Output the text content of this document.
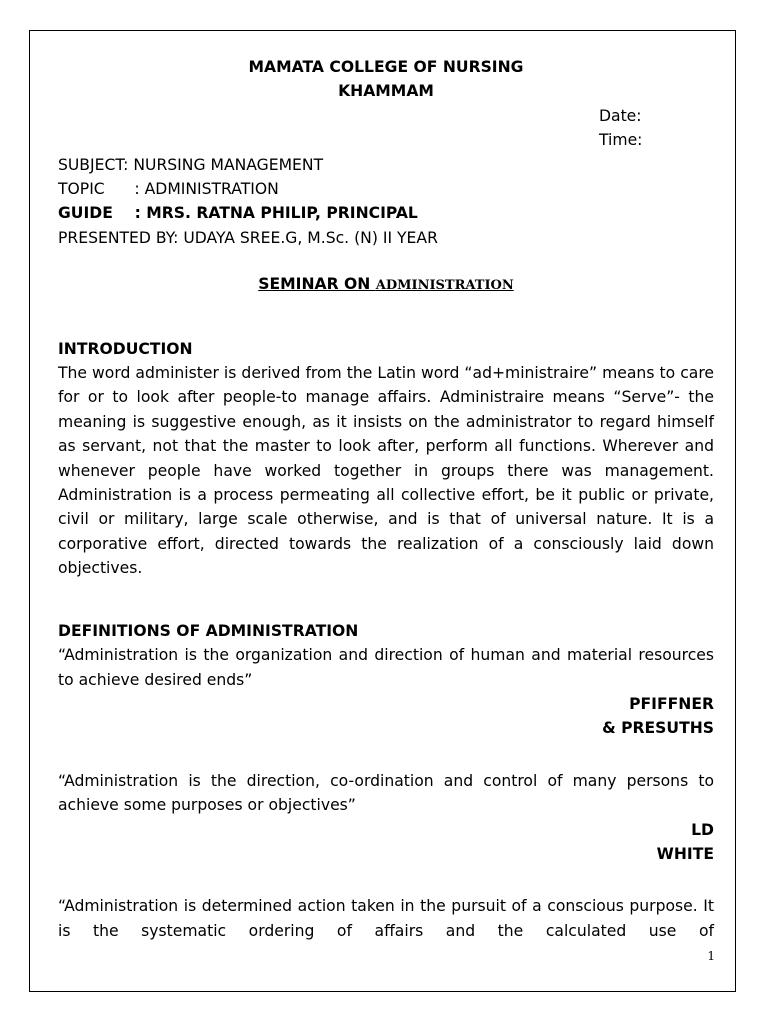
MAMATA COLLEGE OF NURSING
KHAMMAM
Date:
Time:
SUBJECT: NURSING MANAGEMENT
TOPIC      : ADMINISTRATION
GUIDE    : MRS. RATNA PHILIP, PRINCIPAL
PRESENTED BY: UDAYA SREE.G, M.Sc. (N) II YEAR
SEMINAR ON ADMINISTRATION
INTRODUCTION
The word administer is derived from the Latin word “ad+ministraire” means to care for or to look after people-to manage affairs. Administraire means “Serve”- the meaning is suggestive enough, as it insists on the administrator to regard himself as servant, not that the master to look after, perform all functions. Wherever and whenever people have worked together in groups there was management. Administration is a process permeating all collective effort, be it public or private, civil or military, large scale otherwise, and is that of universal nature. It is a corporative effort, directed towards the realization of a consciously laid down objectives.
DEFINITIONS OF ADMINISTRATION
“Administration is the organization and direction of human and material resources to achieve desired ends”
PFIFFNER
& PRESUTHS
“Administration is the direction, co-ordination and control of many persons to achieve some purposes or objectives”
LD
WHITE
“Administration is determined action taken in the pursuit of a conscious purpose. It is the systematic ordering of affairs and the calculated use of
1
